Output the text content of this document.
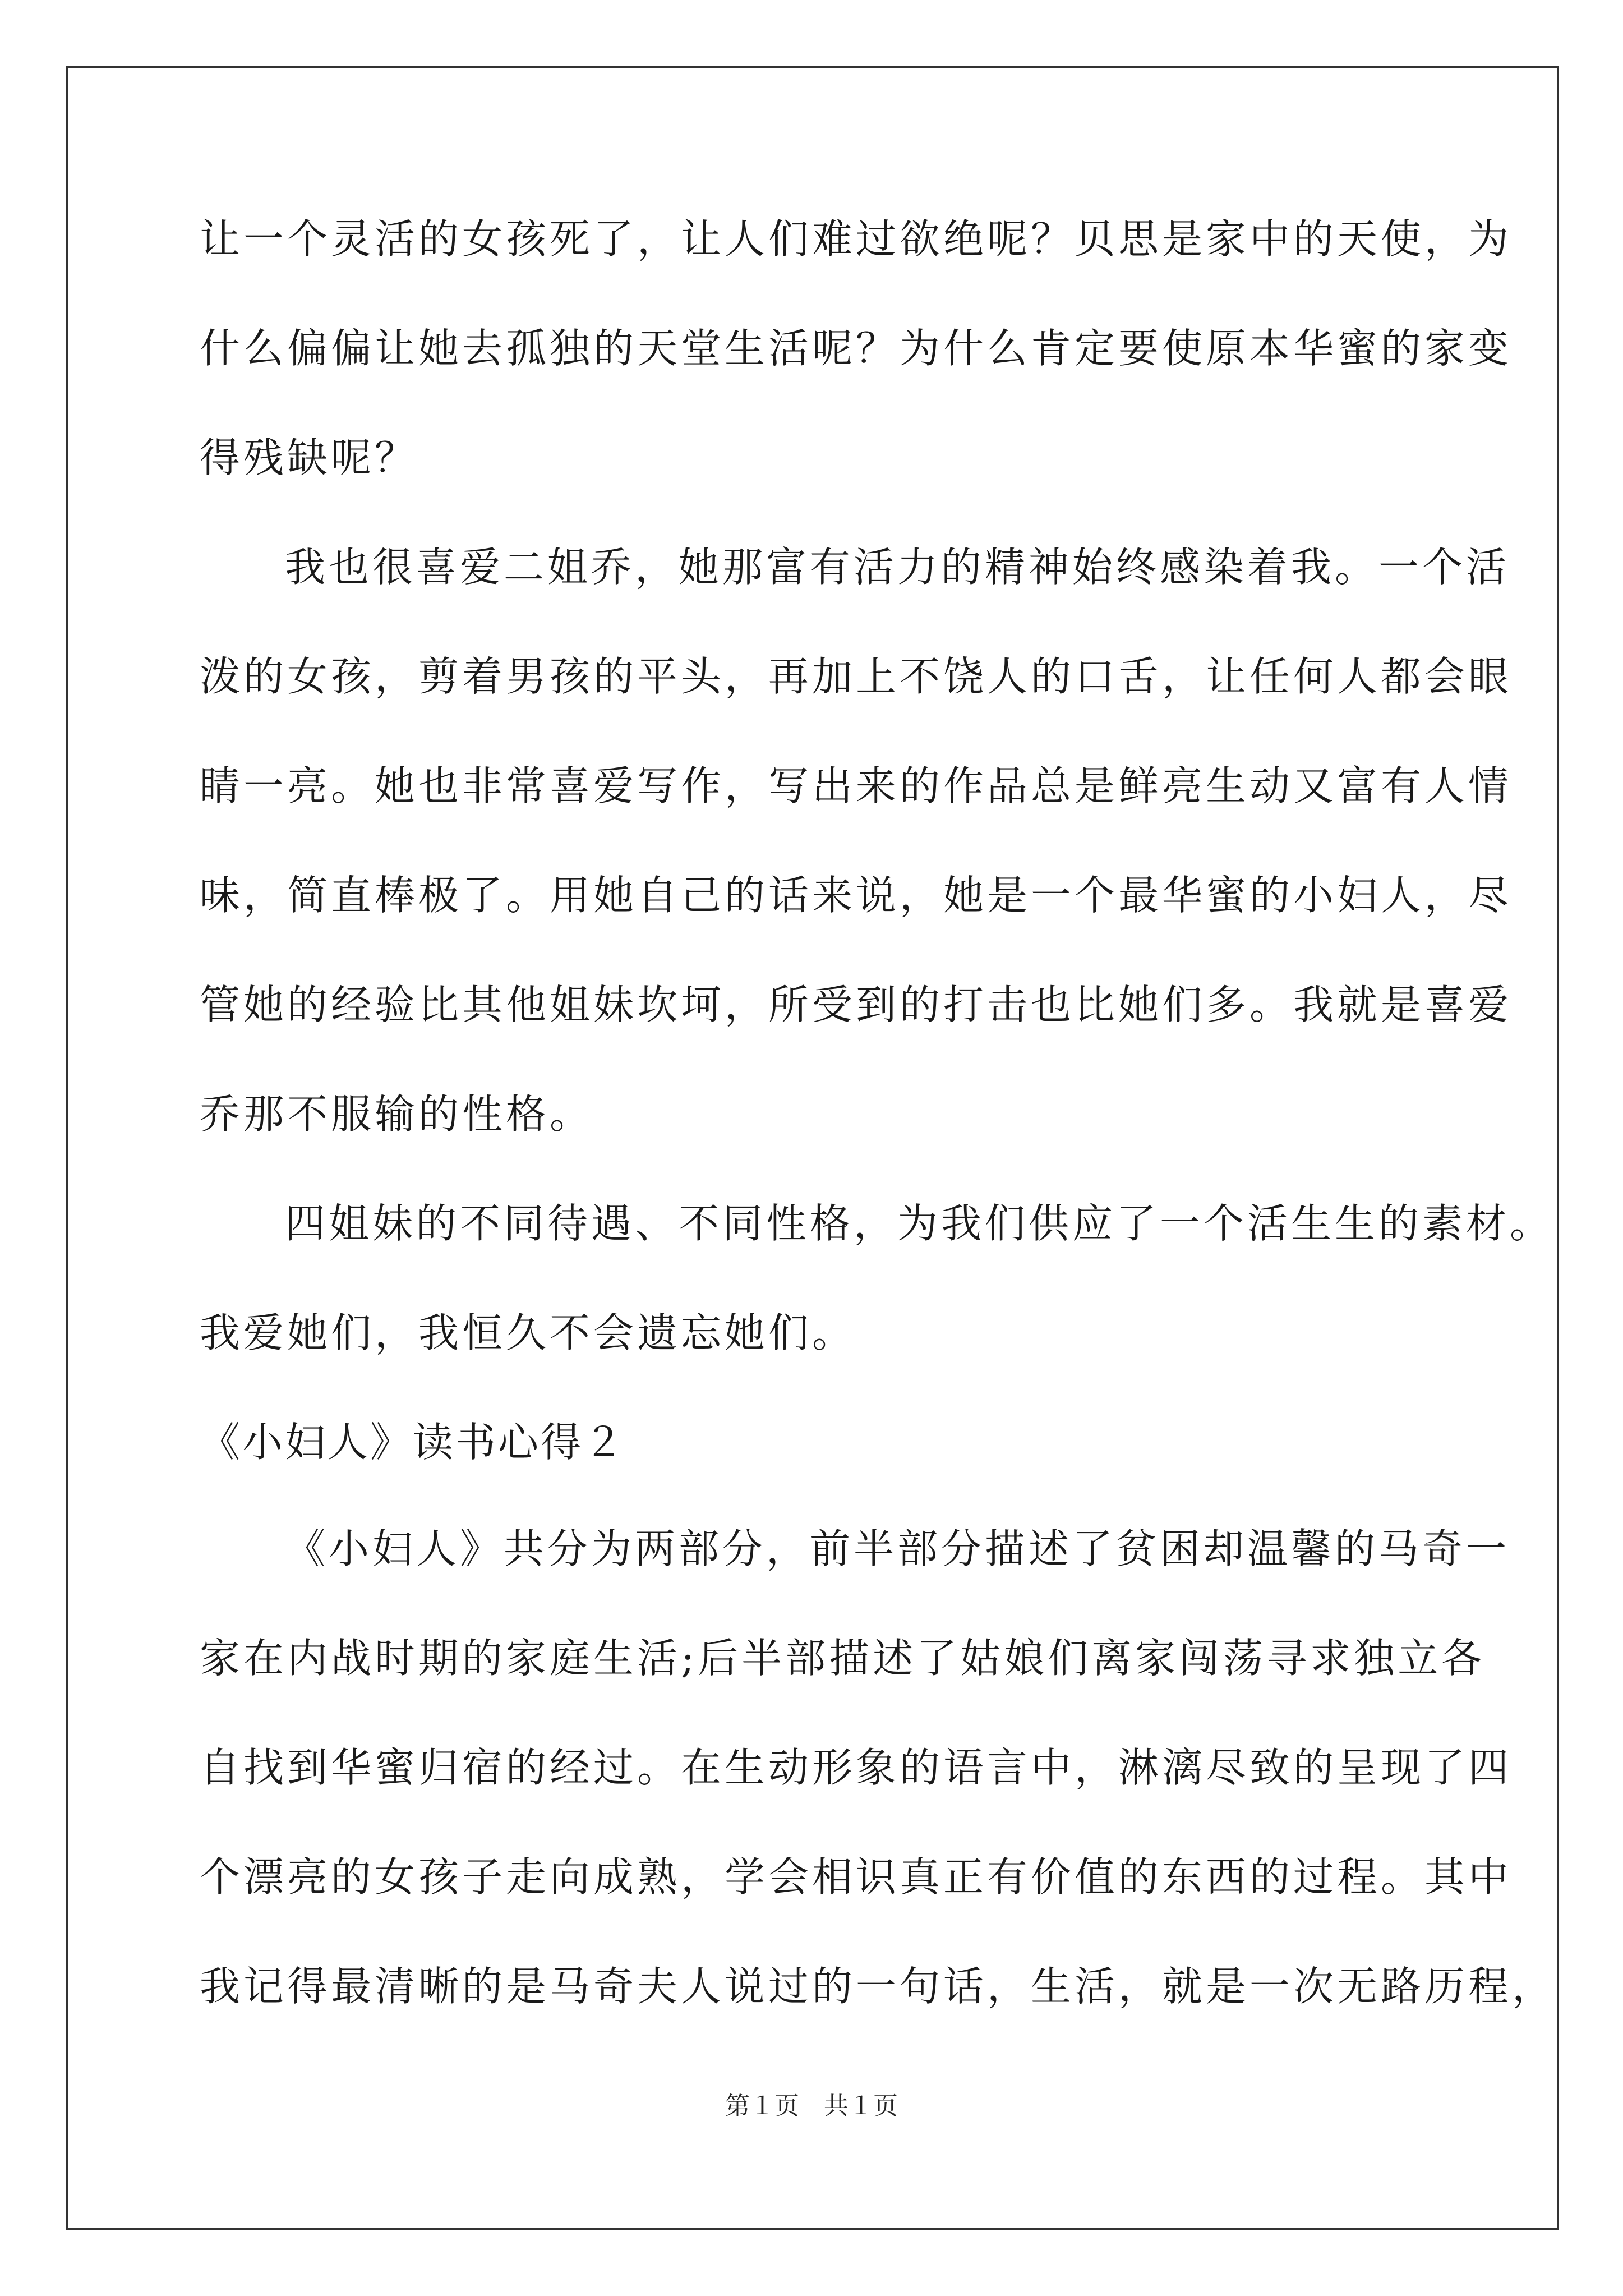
让一个灵活的女孩死了，让人们难过欲绝呢？贝思是家中的天使，为
什么偏偏让她去孤独的天堂生活呢？为什么肯定要使原本华蜜的家变
得残缺呢？
我也很喜爱二姐乔，她那富有活力的精神始终感染着我。一个活
泼的女孩，剪着男孩的平头，再加上不饶人的口舌，让任何人都会眼
睛一亮。她也非常喜爱写作，写出来的作品总是鲜亮生动又富有人情
味，简直棒极了。用她自己的话来说，她是一个最华蜜的小妇人，尽
管她的经验比其他姐妹坎坷，所受到的打击也比她们多。我就是喜爱
乔那不服输的性格。
四姐妹的不同待遇、不同性格，为我们供应了一个活生生的素材。
我爱她们，我恒久不会遗忘她们。
《小妇人》读书心得２
《小妇人》共分为两部分，前半部分描述了贫困却温馨的马奇一
家在内战时期的家庭生活;后半部描述了姑娘们离家闯荡寻求独立各
自找到华蜜归宿的经过。在生动形象的语言中，淋漓尽致的呈现了四
个漂亮的女孩子走向成熟，学会相识真正有价值的东西的过程。其中
我记得最清晰的是马奇夫人说过的一句话，生活，就是一次无路历程，
第１页　共１页
